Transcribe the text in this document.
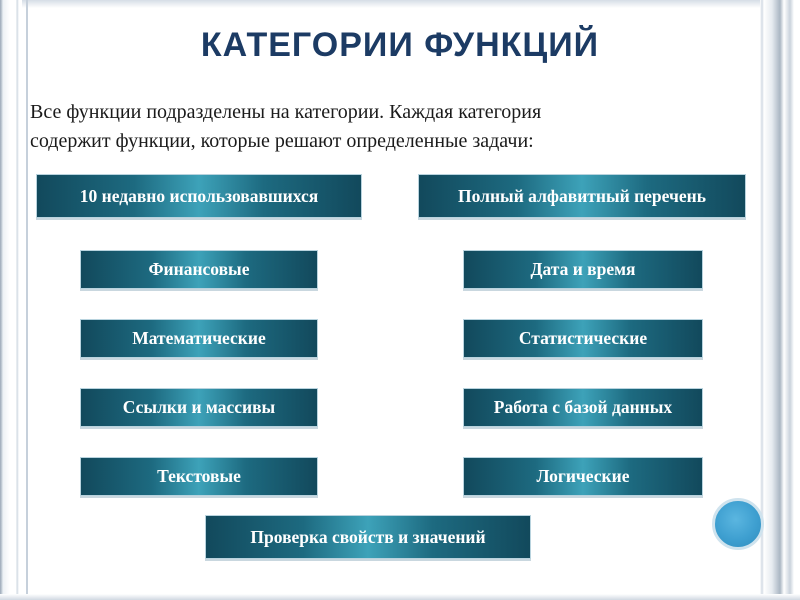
КАТЕГОРИИ ФУНКЦИЙ

Все функции подразделены на категории. Каждая категория

содержит функции, которые решают определенные задачи:

10 недавно использовавшихся	Полный алфавитный перечень
Финансовые	Дата и время
Математические	Статистические
Ссылки и массивы	Работа с базой данных
Текстовые	Логические
Проверка свойств и значений
